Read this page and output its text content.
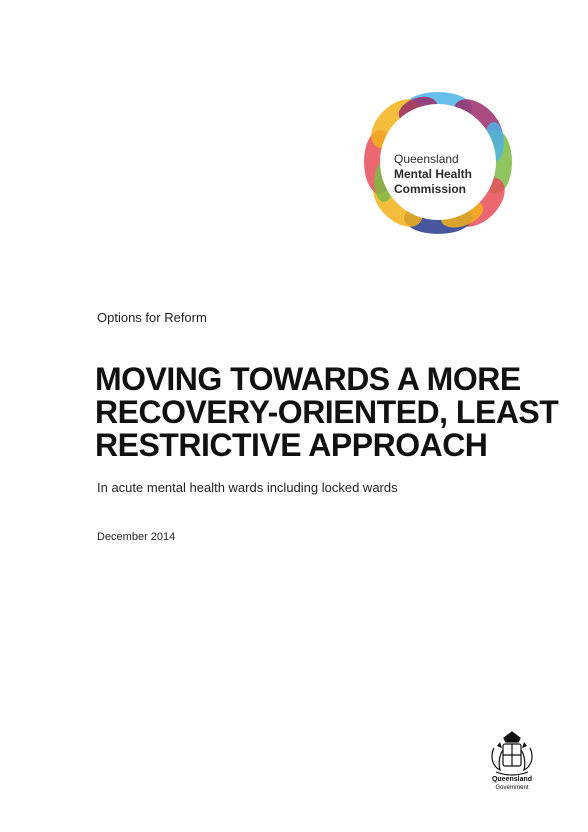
Queensland
Mental Health
Commission
Options for Reform
MOVING TOWARDS A MORE
RECOVERY-ORIENTED, LEAST
RESTRICTIVE APPROACH
In acute mental health wards including locked wards
December 2014
Queensland
Government
